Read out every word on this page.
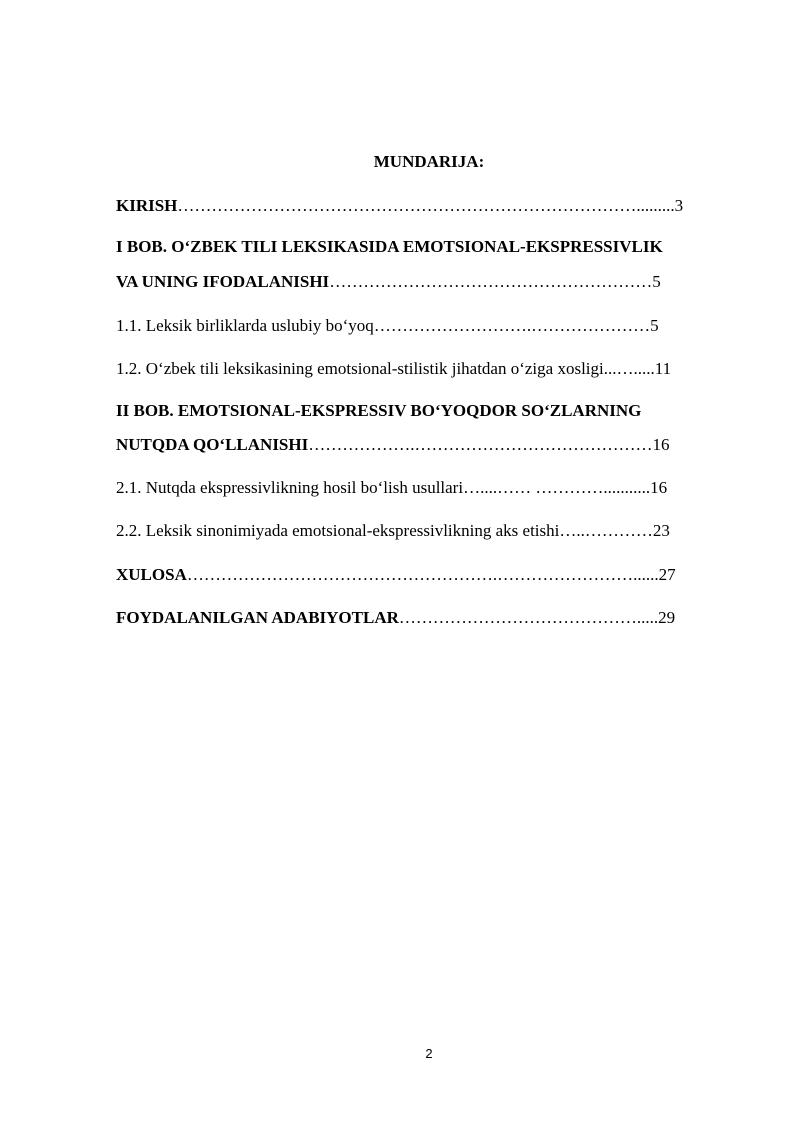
MUNDARIJA:
KIRISH……………………………………………………………………….........3
I BOB. O‘ZBEK TILI LEKSIKASIDA EMOTSIONAL-EKSPRESSIVLIK
VA UNING IFODALANISHI…………………………………………………5
1.1. Leksik birliklarda uslubiy bo‘yoq……………………….…………………5
1.2. O‘zbek tili leksikasining emotsional-stilistik jihatdan o‘ziga xosligi...….....11
II BOB. EMOTSIONAL-EKSPRESSIV BO‘YOQDOR SO‘ZLARNING
NUTQDA QO‘LLANISHI……………….……………………………………16
2.1. Nutqda ekspressivlikning hosil bo‘lish usullari…....…… …………...........16
2.2. Leksik sinonimiyada emotsional-ekspressivlikning aks etishi…..…………23
XULOSA……………………………………………….……………………......27
FOYDALANILGAN ADABIYOTLAR…………………………………….....29
2
